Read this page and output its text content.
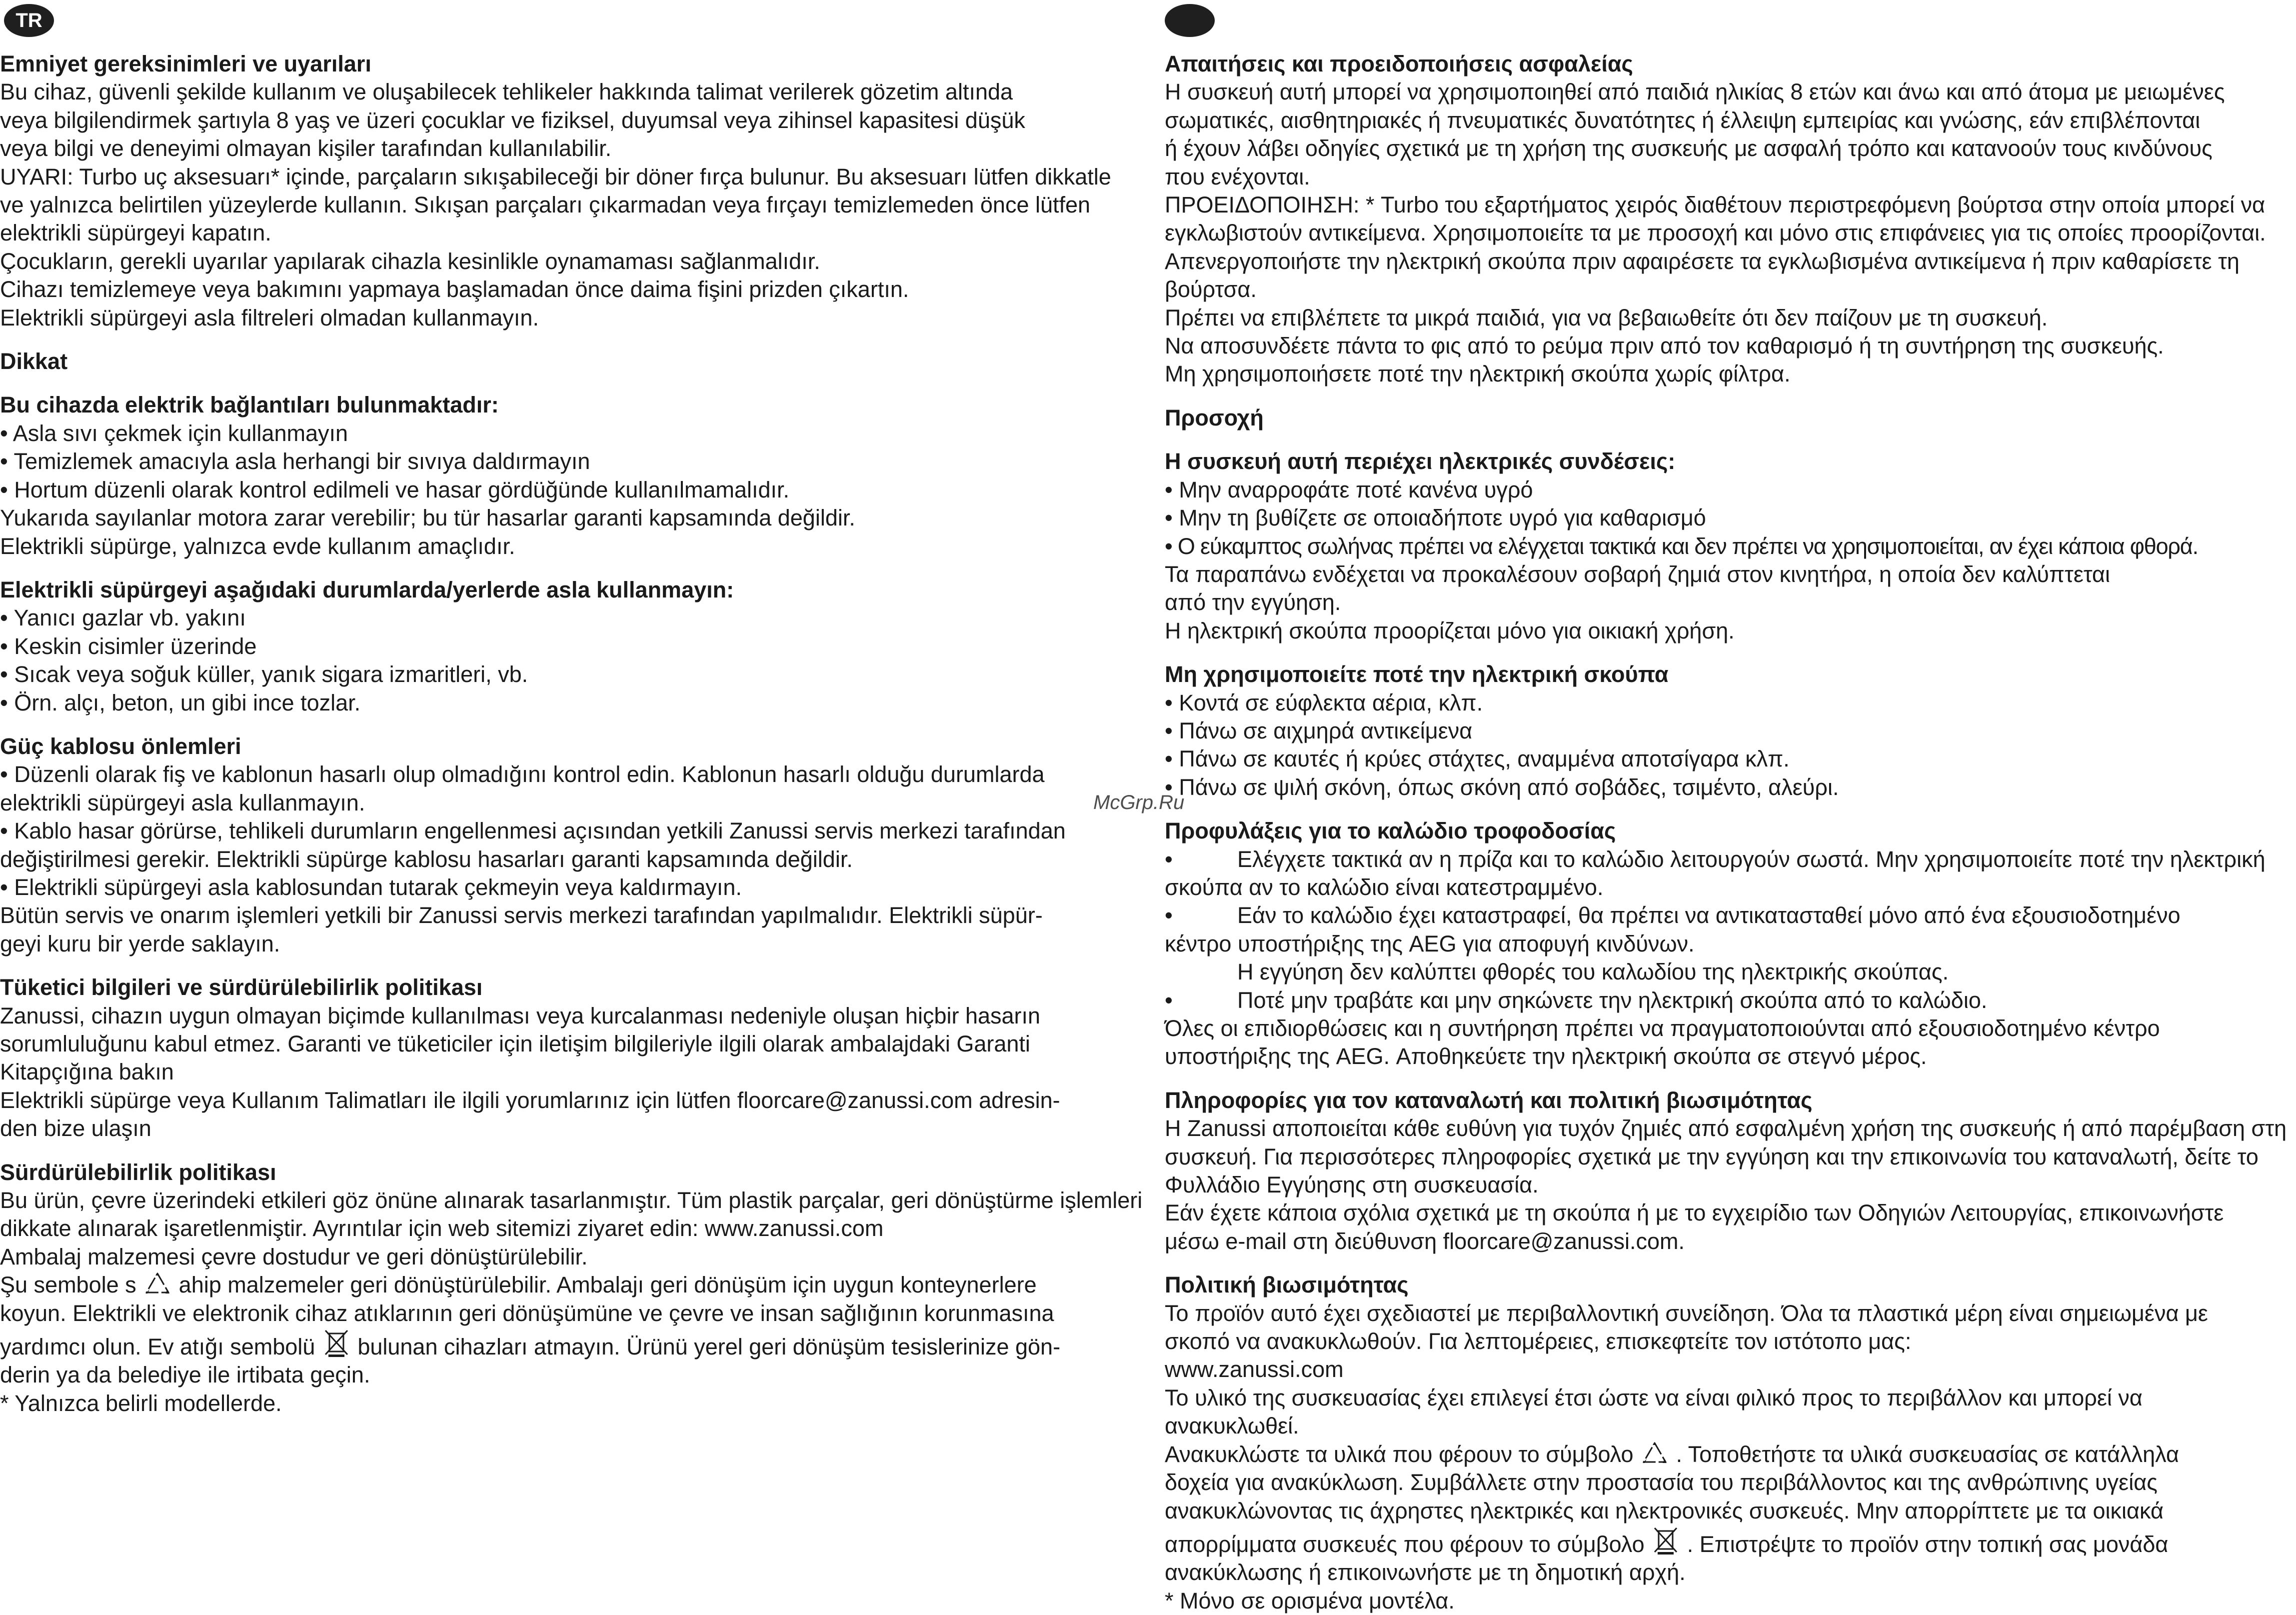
TR
Emniyet gereksinimleri ve uyarıları
Bu cihaz, güvenli şekilde kullanım ve oluşabilecek tehlikeler hakkında talimat verilerek gözetim altında
veya bilgilendirmek şartıyla 8 yaş ve üzeri çocuklar ve fiziksel, duyumsal veya zihinsel kapasitesi düşük
veya bilgi ve deneyimi olmayan kişiler tarafından kullanılabilir.
UYARI: Turbo uç aksesuarı* içinde, parçaların sıkışabileceği bir döner fırça bulunur. Bu aksesuarı lütfen dikkatle
ve yalnızca belirtilen yüzeylerde kullanın. Sıkışan parçaları çıkarmadan veya fırçayı temizlemeden önce lütfen
elektrikli süpürgeyi kapatın.
Çocukların, gerekli uyarılar yapılarak cihazla kesinlikle oynamaması sağlanmalıdır.
Cihazı temizlemeye veya bakımını yapmaya başlamadan önce daima fişini prizden çıkartın.
Elektrikli süpürgeyi asla filtreleri olmadan kullanmayın.
Dikkat
Bu cihazda elektrik bağlantıları bulunmaktadır:
• Asla sıvı çekmek için kullanmayın
• Temizlemek amacıyla asla herhangi bir sıvıya daldırmayın
• Hortum düzenli olarak kontrol edilmeli ve hasar gördüğünde kullanılmamalıdır.
Yukarıda sayılanlar motora zarar verebilir; bu tür hasarlar garanti kapsamında değildir.
Elektrikli süpürge, yalnızca evde kullanım amaçlıdır.
Elektrikli süpürgeyi aşağıdaki durumlarda/yerlerde asla kullanmayın:
• Yanıcı gazlar vb. yakını
• Keskin cisimler üzerinde
• Sıcak veya soğuk küller, yanık sigara izmaritleri, vb.
• Örn. alçı, beton, un gibi ince tozlar.
Güç kablosu önlemleri
• Düzenli olarak fiş ve kablonun hasarlı olup olmadığını kontrol edin. Kablonun hasarlı olduğu durumlarda
elektrikli süpürgeyi asla kullanmayın.
• Kablo hasar görürse, tehlikeli durumların engellenmesi açısından yetkili Zanussi servis merkezi tarafından
değiştirilmesi gerekir. Elektrikli süpürge kablosu hasarları garanti kapsamında değildir.
• Elektrikli süpürgeyi asla kablosundan tutarak çekmeyin veya kaldırmayın.
Bütün servis ve onarım işlemleri yetkili bir Zanussi servis merkezi tarafından yapılmalıdır. Elektrikli süpür-
geyi kuru bir yerde saklayın.
Tüketici bilgileri ve sürdürülebilirlik politikası
Zanussi, cihazın uygun olmayan biçimde kullanılması veya kurcalanması nedeniyle oluşan hiçbir hasarın
sorumluluğunu kabul etmez. Garanti ve tüketiciler için iletişim bilgileriyle ilgili olarak ambalajdaki Garanti
Kitapçığına bakın
Elektrikli süpürge veya Kullanım Talimatları ile ilgili yorumlarınız için lütfen floorcare@zanussi.com adresin-
den bize ulaşın
Sürdürülebilirlik politikası
Bu ürün, çevre üzerindeki etkileri göz önüne alınarak tasarlanmıştır. Tüm plastik parçalar, geri dönüştürme işlemleri
dikkate alınarak işaretlenmiştir. Ayrıntılar için web sitemizi ziyaret edin: www.zanussi.com
Ambalaj malzemesi çevre dostudur ve geri dönüştürülebilir.
Şu sembole s ahip malzemeler geri dönüştürülebilir. Ambalajı geri dönüşüm için uygun konteynerlere
koyun. Elektrikli ve elektronik cihaz atıklarının geri dönüşümüne ve çevre ve insan sağlığının korunmasına
yardımcı olun. Ev atığı sembolü bulunan cihazları atmayın. Ürünü yerel geri dönüşüm tesislerinize gön-
derin ya da belediye ile irtibata geçin.
* Yalnızca belirli modellerde.
McGrp.Ru
Απαιτήσεις και προειδοποιήσεις ασφαλείας
Η συσκευή αυτή μπορεί να χρησιμοποιηθεί από παιδιά ηλικίας 8 ετών και άνω και από άτομα με μειωμένες
σωματικές, αισθητηριακές ή πνευματικές δυνατότητες ή έλλειψη εμπειρίας και γνώσης, εάν επιβλέπονται
ή έχουν λάβει οδηγίες σχετικά με τη χρήση της συσκευής με ασφαλή τρόπο και κατανοούν τους κινδύνους
που ενέχονται.
ΠΡΟΕΙΔΟΠΟΙΗΣΗ: * Turbo του εξαρτήματος χειρός διαθέτουν περιστρεφόμενη βούρτσα στην οποία μπορεί να
εγκλωβιστούν αντικείμενα. Χρησιμοποιείτε τα με προσοχή και μόνο στις επιφάνειες για τις οποίες προορίζονται.
Απενεργοποιήστε την ηλεκτρική σκούπα πριν αφαιρέσετε τα εγκλωβισμένα αντικείμενα ή πριν καθαρίσετε τη
βούρτσα.
Πρέπει να επιβλέπετε τα μικρά παιδιά, για να βεβαιωθείτε ότι δεν παίζουν με τη συσκευή.
Να αποσυνδέετε πάντα το φις από το ρεύμα πριν από τον καθαρισμό ή τη συντήρηση της συσκευής.
Μη χρησιμοποιήσετε ποτέ την ηλεκτρική σκούπα χωρίς φίλτρα.
Προσοχή
Η συσκευή αυτή περιέχει ηλεκτρικές συνδέσεις:
• Μην αναρροφάτε ποτέ κανένα υγρό
• Μην τη βυθίζετε σε οποιαδήποτε υγρό για καθαρισμό
• Ο εύκαμπτος σωλήνας πρέπει να ελέγχεται τακτικά και δεν πρέπει να χρησιμοποιείται, αν έχει κάποια φθορά.
Τα παραπάνω ενδέχεται να προκαλέσουν σοβαρή ζημιά στον κινητήρα, η οποία δεν καλύπτεται
από την εγγύηση.
Η ηλεκτρική σκούπα προορίζεται μόνο για οικιακή χρήση.
Μη χρησιμοποιείτε ποτέ την ηλεκτρική σκούπα
• Κοντά σε εύφλεκτα αέρια, κλπ.
• Πάνω σε αιχμηρά αντικείμενα
• Πάνω σε καυτές ή κρύες στάχτες, αναμμένα αποτσίγαρα κλπ.
• Πάνω σε ψιλή σκόνη, όπως σκόνη από σοβάδες, τσιμέντο, αλεύρι.
Προφυλάξεις για το καλώδιο τροφοδοσίας
•	Ελέγχετε τακτικά αν η πρίζα και το καλώδιο λειτουργούν σωστά. Μην χρησιμοποιείτε ποτέ την ηλεκτρική
σκούπα αν το καλώδιο είναι κατεστραμμένο.
•	Εάν το καλώδιο έχει καταστραφεί, θα πρέπει να αντικατασταθεί μόνο από ένα εξουσιοδοτημένο
κέντρο υποστήριξης της AEG για αποφυγή κινδύνων.
Η εγγύηση δεν καλύπτει φθορές του καλωδίου της ηλεκτρικής σκούπας.
•	Ποτέ μην τραβάτε και μην σηκώνετε την ηλεκτρική σκούπα από το καλώδιο.
Όλες οι επιδιορθώσεις και η συντήρηση πρέπει να πραγματοποιούνται από εξουσιοδοτημένο κέντρο
υποστήριξης της AEG. Αποθηκεύετε την ηλεκτρική σκούπα σε στεγνό μέρος.
Πληροφορίες για τον καταναλωτή και πολιτική βιωσιμότητας
Η Zanussi αποποιείται κάθε ευθύνη για τυχόν ζημιές από εσφαλμένη χρήση της συσκευής ή από παρέμβαση στη
συσκευή. Για περισσότερες πληροφορίες σχετικά με την εγγύηση και την επικοινωνία του καταναλωτή, δείτε το
Φυλλάδιο Εγγύησης στη συσκευασία.
Εάν έχετε κάποια σχόλια σχετικά με τη σκούπα ή με το εγχειρίδιο των Οδηγιών Λειτουργίας, επικοινωνήστε
μέσω e-mail στη διεύθυνση floorcare@zanussi.com.
Πολιτική βιωσιμότητας
Το προϊόν αυτό έχει σχεδιαστεί με περιβαλλοντική συνείδηση. Όλα τα πλαστικά μέρη είναι σημειωμένα με
σκοπό να ανακυκλωθούν. Για λεπτομέρειες, επισκεφτείτε τον ιστότοπο μας:
www.zanussi.com
Το υλικό της συσκευασίας έχει επιλεγεί έτσι ώστε να είναι φιλικό προς το περιβάλλον και μπορεί να
ανακυκλωθεί.
Ανακυκλώστε τα υλικά που φέρουν το σύμβολο . Τοποθετήστε τα υλικά συσκευασίας σε κατάλληλα
δοχεία για ανακύκλωση. Συμβάλλετε στην προστασία του περιβάλλοντος και της ανθρώπινης υγείας
ανακυκλώνοντας τις άχρηστες ηλεκτρικές και ηλεκτρονικές συσκευές. Μην απορρίπτετε με τα οικιακά
απορρίμματα συσκευές που φέρουν το σύμβολο . Επιστρέψτε το προϊόν στην τοπική σας μονάδα
ανακύκλωσης ή επικοινωνήστε με τη δημοτική αρχή.
* Μόνο σε ορισμένα μοντέλα.
